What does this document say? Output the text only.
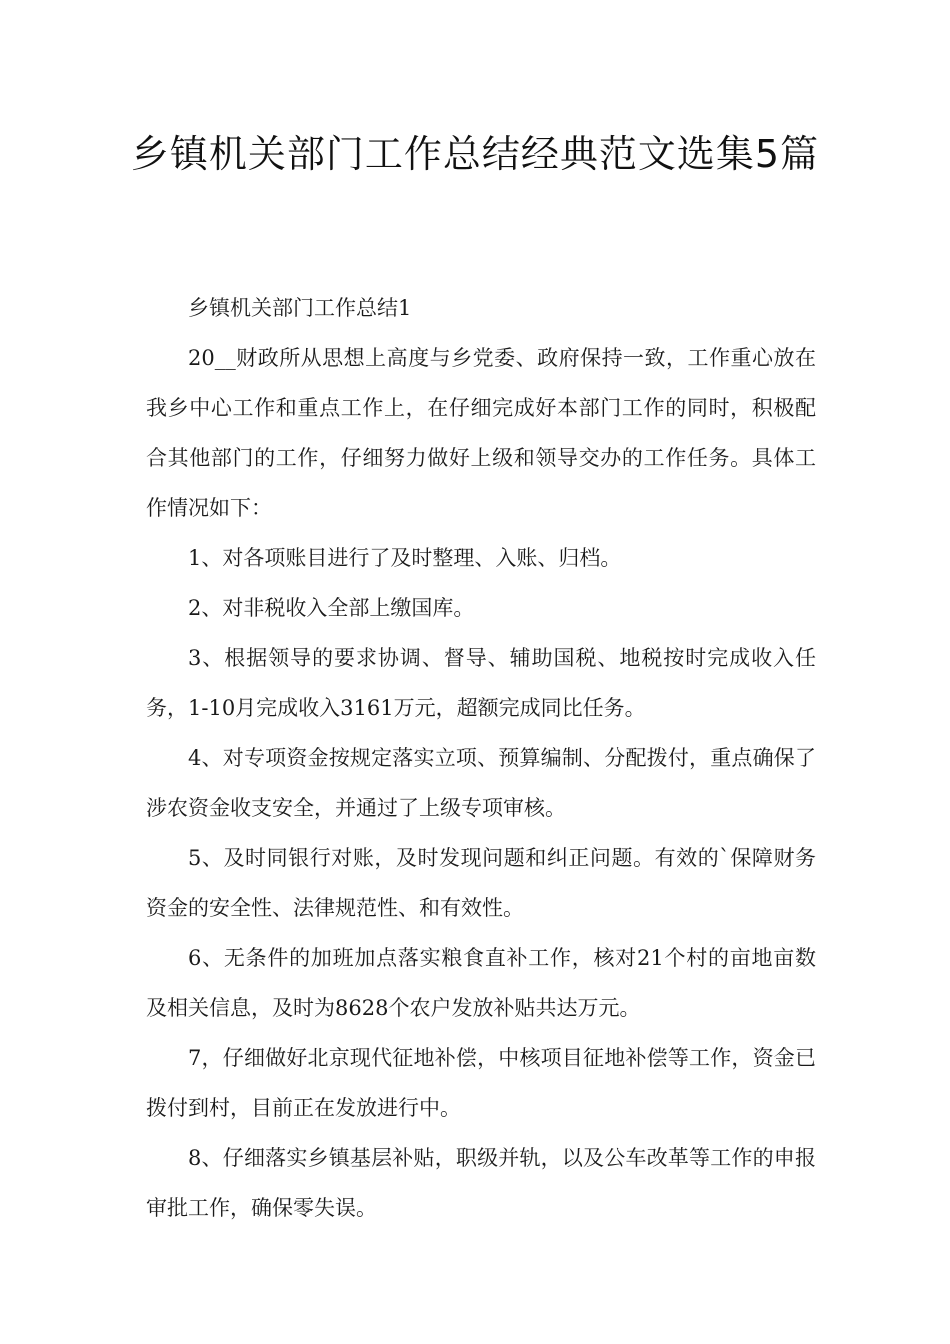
乡镇机关部门工作总结经典范文选集5篇

乡镇机关部门工作总结1

20__财政所从思想上高度与乡党委、政府保持一致，工作重心放在我乡中心工作和重点工作上，在仔细完成好本部门工作的同时，积极配合其他部门的工作，仔细努力做好上级和领导交办的工作任务。具体工作情况如下：

1、对各项账目进行了及时整理、入账、归档。

2、对非税收入全部上缴国库。

3、根据领导的要求协调、督导、辅助国税、地税按时完成收入任务，1-10月完成收入3161万元，超额完成同比任务。

4、对专项资金按规定落实立项、预算编制、分配拨付，重点确保了涉农资金收支安全，并通过了上级专项审核。

5、及时同银行对账，及时发现问题和纠正问题。有效的`保障财务资金的安全性、法律规范性、和有效性。

6、无条件的加班加点落实粮食直补工作，核对21个村的亩地亩数及相关信息，及时为8628个农户发放补贴共达万元。

7，仔细做好北京现代征地补偿，中核项目征地补偿等工作，资金已拨付到村，目前正在发放进行中。

8、仔细落实乡镇基层补贴，职级并轨，以及公车改革等工作的申报审批工作，确保零失误。
